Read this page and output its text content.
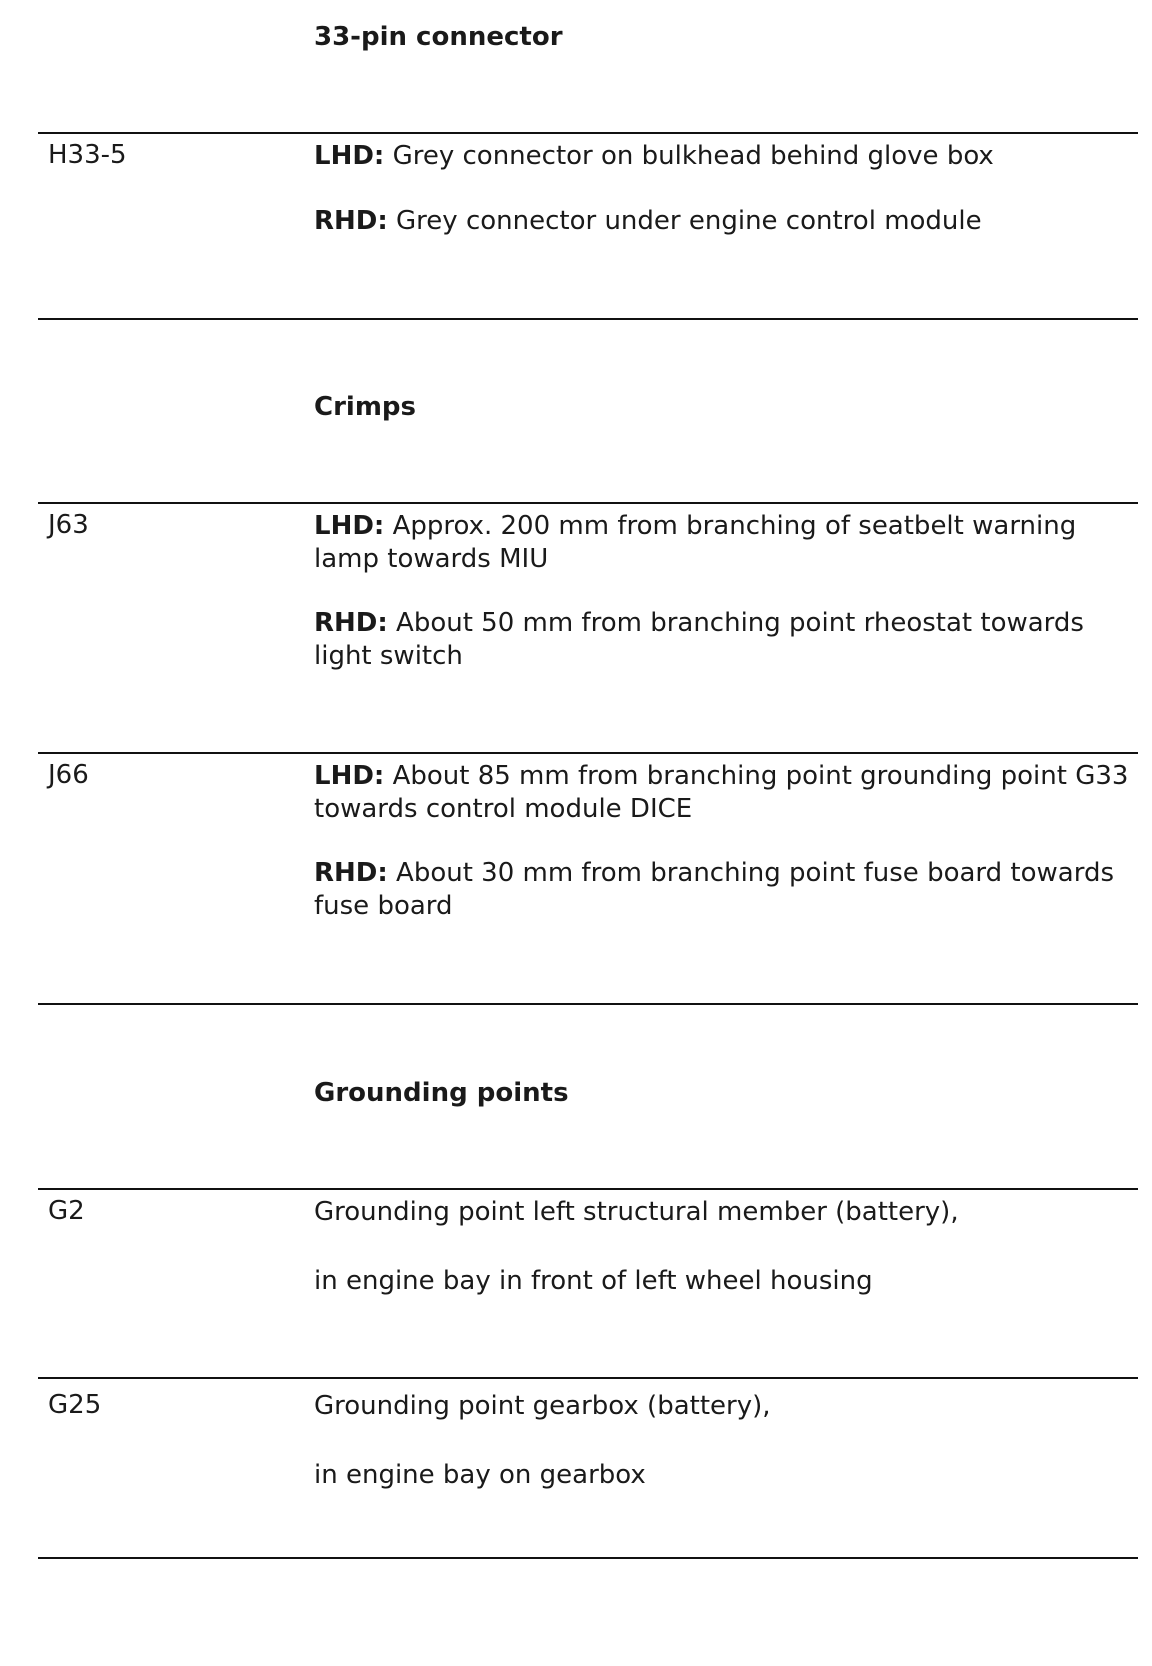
33-pin connector
H33-5	LHD: Grey connector on bulkhead behind glove box
RHD: Grey connector under engine control module
Crimps
J63	LHD: Approx. 200 mm from branching of seatbelt warning lamp towards MIU
RHD: About 50 mm from branching point rheostat towards light switch
J66	LHD: About 85 mm from branching point grounding point G33 towards control module DICE
RHD: About 30 mm from branching point fuse board towards fuse board
Grounding points
G2	Grounding point left structural member (battery),
in engine bay in front of left wheel housing
G25	Grounding point gearbox (battery),
in engine bay on gearbox
